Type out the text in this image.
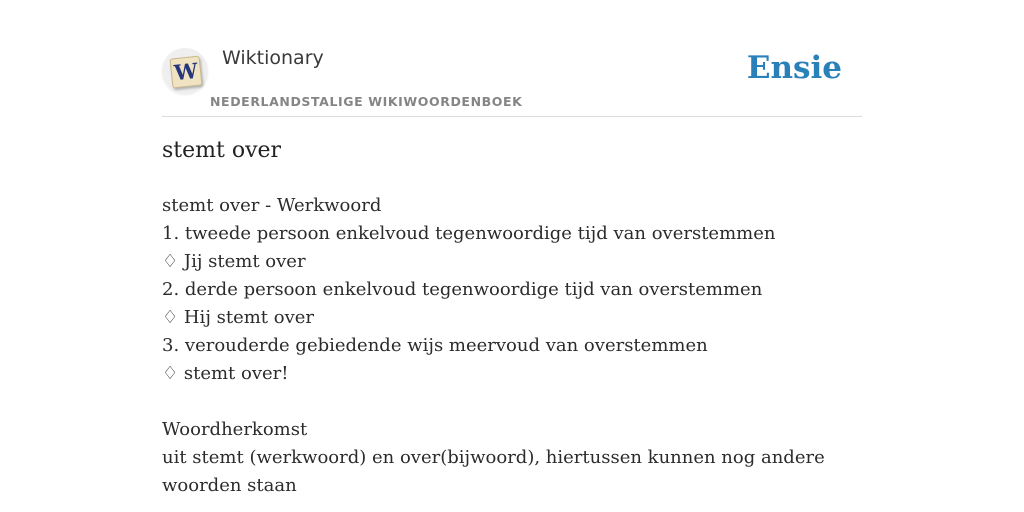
W Wiktionary
NEDERLANDSTALIGE WIKIWOORDENBOEK
Ensie
stemt over
stemt over - Werkwoord
1. tweede persoon enkelvoud tegenwoordige tijd van overstemmen
♢ Jij stemt over
2. derde persoon enkelvoud tegenwoordige tijd van overstemmen
♢ Hij stemt over
3. verouderde gebiedende wijs meervoud van overstemmen
♢ stemt over!
Woordherkomst
uit stemt (werkwoord) en over(bijwoord), hiertussen kunnen nog andere woorden staan
